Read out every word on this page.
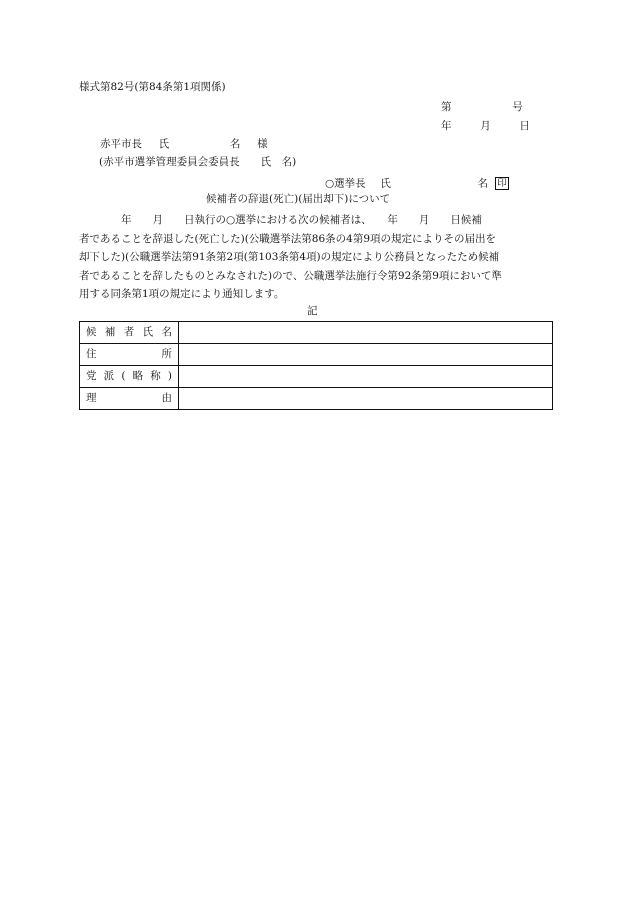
様式第82号(第84条第1項関係)
第	号
年	月	日
赤平市長 氏	名 様
(赤平市選挙管理委員会委員長　　氏　名)
○選挙長 氏	名 印
候補者の辞退(死亡)(届出却下)について
　　　　年　　月　　日執行の○選挙における次の候補者は、　　年　　月　　日候補
者であることを辞退した(死亡した)(公職選挙法第86条の4第9項の規定によりその届出を
却下した)(公職選挙法第91条第2項(第103条第4項)の規定により公務員となったため候補
者であることを辞したものとみなされた)ので、公職選挙法施行令第92条第9項において準
用する同条第1項の規定により通知します。
記
候補者氏名	
住所	
党派(略称)	
理由	
